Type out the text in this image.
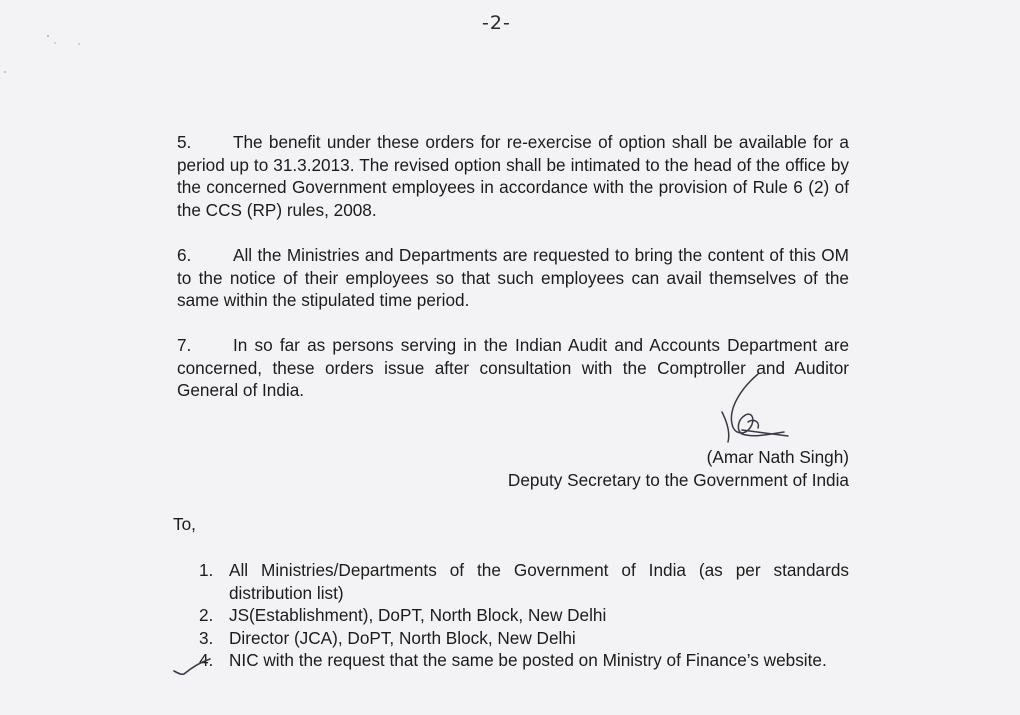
-2-
5. The benefit under these orders for re-exercise of option shall be available for a period up to 31.3.2013. The revised option shall be intimated to the head of the office by the concerned Government employees in accordance with the provision of Rule 6 (2) of the CCS (RP) rules, 2008.
6. All the Ministries and Departments are requested to bring the content of this OM to the notice of their employees so that such employees can avail themselves of the same within the stipulated time period.
7. In so far as persons serving in the Indian Audit and Accounts Department are concerned, these orders issue after consultation with the Comptroller and Auditor General of India.
(Amar Nath Singh)
Deputy Secretary to the Government of India
To,
1. All Ministries/Departments of the Government of India (as per standards distribution list)
2. JS(Establishment), DoPT, North Block, New Delhi
3. Director (JCA), DoPT, North Block, New Delhi
4. NIC with the request that the same be posted on Ministry of Finance’s website.
